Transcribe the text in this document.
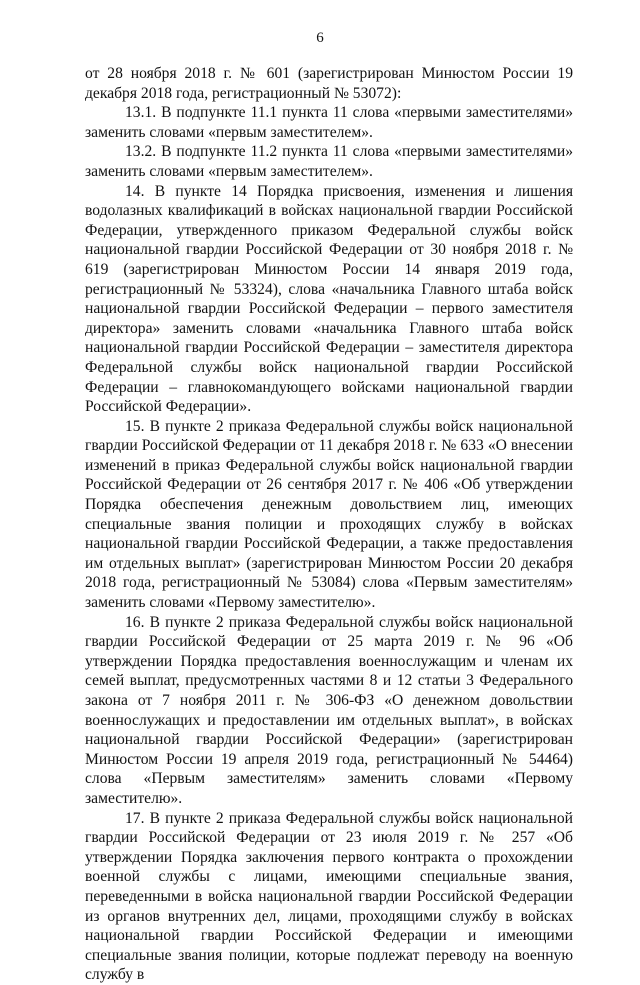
6

от 28 ноября 2018 г. № 601 (зарегистрирован Минюстом России 19 декабря 2018 года, регистрационный № 53072):

13.1. В подпункте 11.1 пункта 11 слова «первыми заместителями» заменить словами «первым заместителем».

13.2. В подпункте 11.2 пункта 11 слова «первыми заместителями» заменить словами «первым заместителем».

14. В пункте 14 Порядка присвоения, изменения и лишения водолазных квалификаций в войсках национальной гвардии Российской Федерации, утвержденного приказом Федеральной службы войск национальной гвардии Российской Федерации от 30 ноября 2018 г. № 619 (зарегистрирован Минюстом России 14 января 2019 года, регистрационный № 53324), слова «начальника Главного штаба войск национальной гвардии Российской Федерации – первого заместителя директора» заменить словами «начальника Главного штаба войск национальной гвардии Российской Федерации – заместителя директора Федеральной службы войск национальной гвардии Российской Федерации – главнокомандующего войсками национальной гвардии Российской Федерации».

15. В пункте 2 приказа Федеральной службы войск национальной гвардии Российской Федерации от 11 декабря 2018 г. № 633 «О внесении изменений в приказ Федеральной службы войск национальной гвардии Российской Федерации от 26 сентября 2017 г. № 406 «Об утверждении Порядка обеспечения денежным довольствием лиц, имеющих специальные звания полиции и проходящих службу в войсках национальной гвардии Российской Федерации, а также предоставления им отдельных выплат» (зарегистрирован Минюстом России 20 декабря 2018 года, регистрационный № 53084) слова «Первым заместителям» заменить словами «Первому заместителю».

16. В пункте 2 приказа Федеральной службы войск национальной гвардии Российской Федерации от 25 марта 2019 г. № 96 «Об утверждении Порядка предоставления военнослужащим и членам их семей выплат, предусмотренных частями 8 и 12 статьи 3 Федерального закона от 7 ноября 2011 г. № 306-ФЗ «О денежном довольствии военнослужащих и предоставлении им отдельных выплат», в войсках национальной гвардии Российской Федерации» (зарегистрирован Минюстом России 19 апреля 2019 года, регистрационный № 54464) слова «Первым заместителям» заменить словами «Первому заместителю».

17. В пункте 2 приказа Федеральной службы войск национальной гвардии Российской Федерации от 23 июля 2019 г. № 257 «Об утверждении Порядка заключения первого контракта о прохождении военной службы с лицами, имеющими специальные звания, переведенными в войска национальной гвардии Российской Федерации из органов внутренних дел, лицами, проходящими службу в войсках национальной гвардии Российской Федерации и имеющими специальные звания полиции, которые подлежат переводу на военную службу в
